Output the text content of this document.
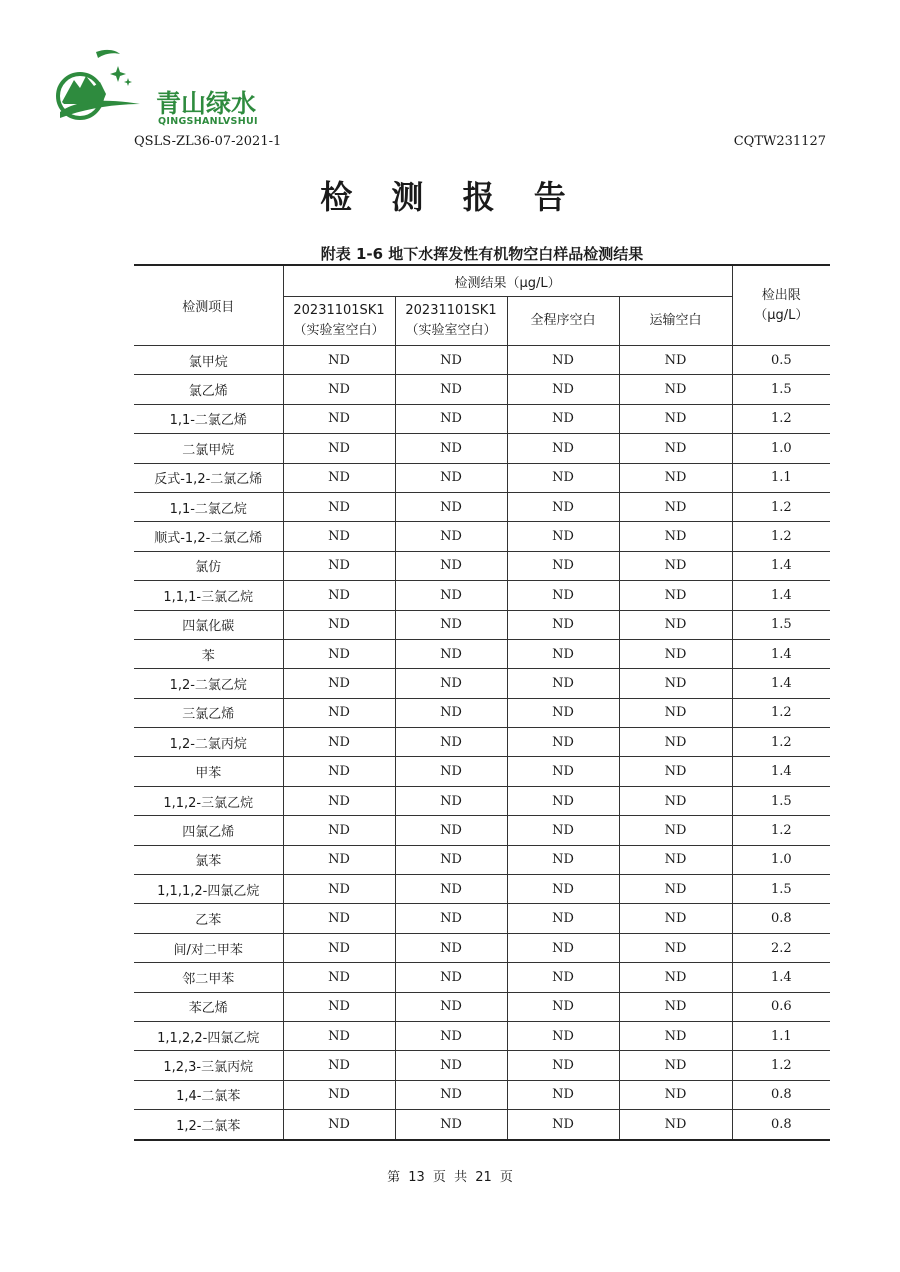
青山绿水
QINGSHANLVSHUI
QSLS-ZL36-07-2021-1	CQTW231127
检 测 报 告
附表 1-6 地下水挥发性有机物空白样品检测结果
检测项目	检测结果（μg/L）				检出限（μg/L）
	20231101SK1（实验室空白）	20231101SK1（实验室空白）	全程序空白	运输空白	
氯甲烷	ND	ND	ND	ND	0.5
氯乙烯	ND	ND	ND	ND	1.5
1,1-二氯乙烯	ND	ND	ND	ND	1.2
二氯甲烷	ND	ND	ND	ND	1.0
反式-1,2-二氯乙烯	ND	ND	ND	ND	1.1
1,1-二氯乙烷	ND	ND	ND	ND	1.2
顺式-1,2-二氯乙烯	ND	ND	ND	ND	1.2
氯仿	ND	ND	ND	ND	1.4
1,1,1-三氯乙烷	ND	ND	ND	ND	1.4
四氯化碳	ND	ND	ND	ND	1.5
苯	ND	ND	ND	ND	1.4
1,2-二氯乙烷	ND	ND	ND	ND	1.4
三氯乙烯	ND	ND	ND	ND	1.2
1,2-二氯丙烷	ND	ND	ND	ND	1.2
甲苯	ND	ND	ND	ND	1.4
1,1,2-三氯乙烷	ND	ND	ND	ND	1.5
四氯乙烯	ND	ND	ND	ND	1.2
氯苯	ND	ND	ND	ND	1.0
1,1,1,2-四氯乙烷	ND	ND	ND	ND	1.5
乙苯	ND	ND	ND	ND	0.8
间/对二甲苯	ND	ND	ND	ND	2.2
邻二甲苯	ND	ND	ND	ND	1.4
苯乙烯	ND	ND	ND	ND	0.6
1,1,2,2-四氯乙烷	ND	ND	ND	ND	1.1
1,2,3-三氯丙烷	ND	ND	ND	ND	1.2
1,4-二氯苯	ND	ND	ND	ND	0.8
1,2-二氯苯	ND	ND	ND	ND	0.8
第 13 页 共 21 页
